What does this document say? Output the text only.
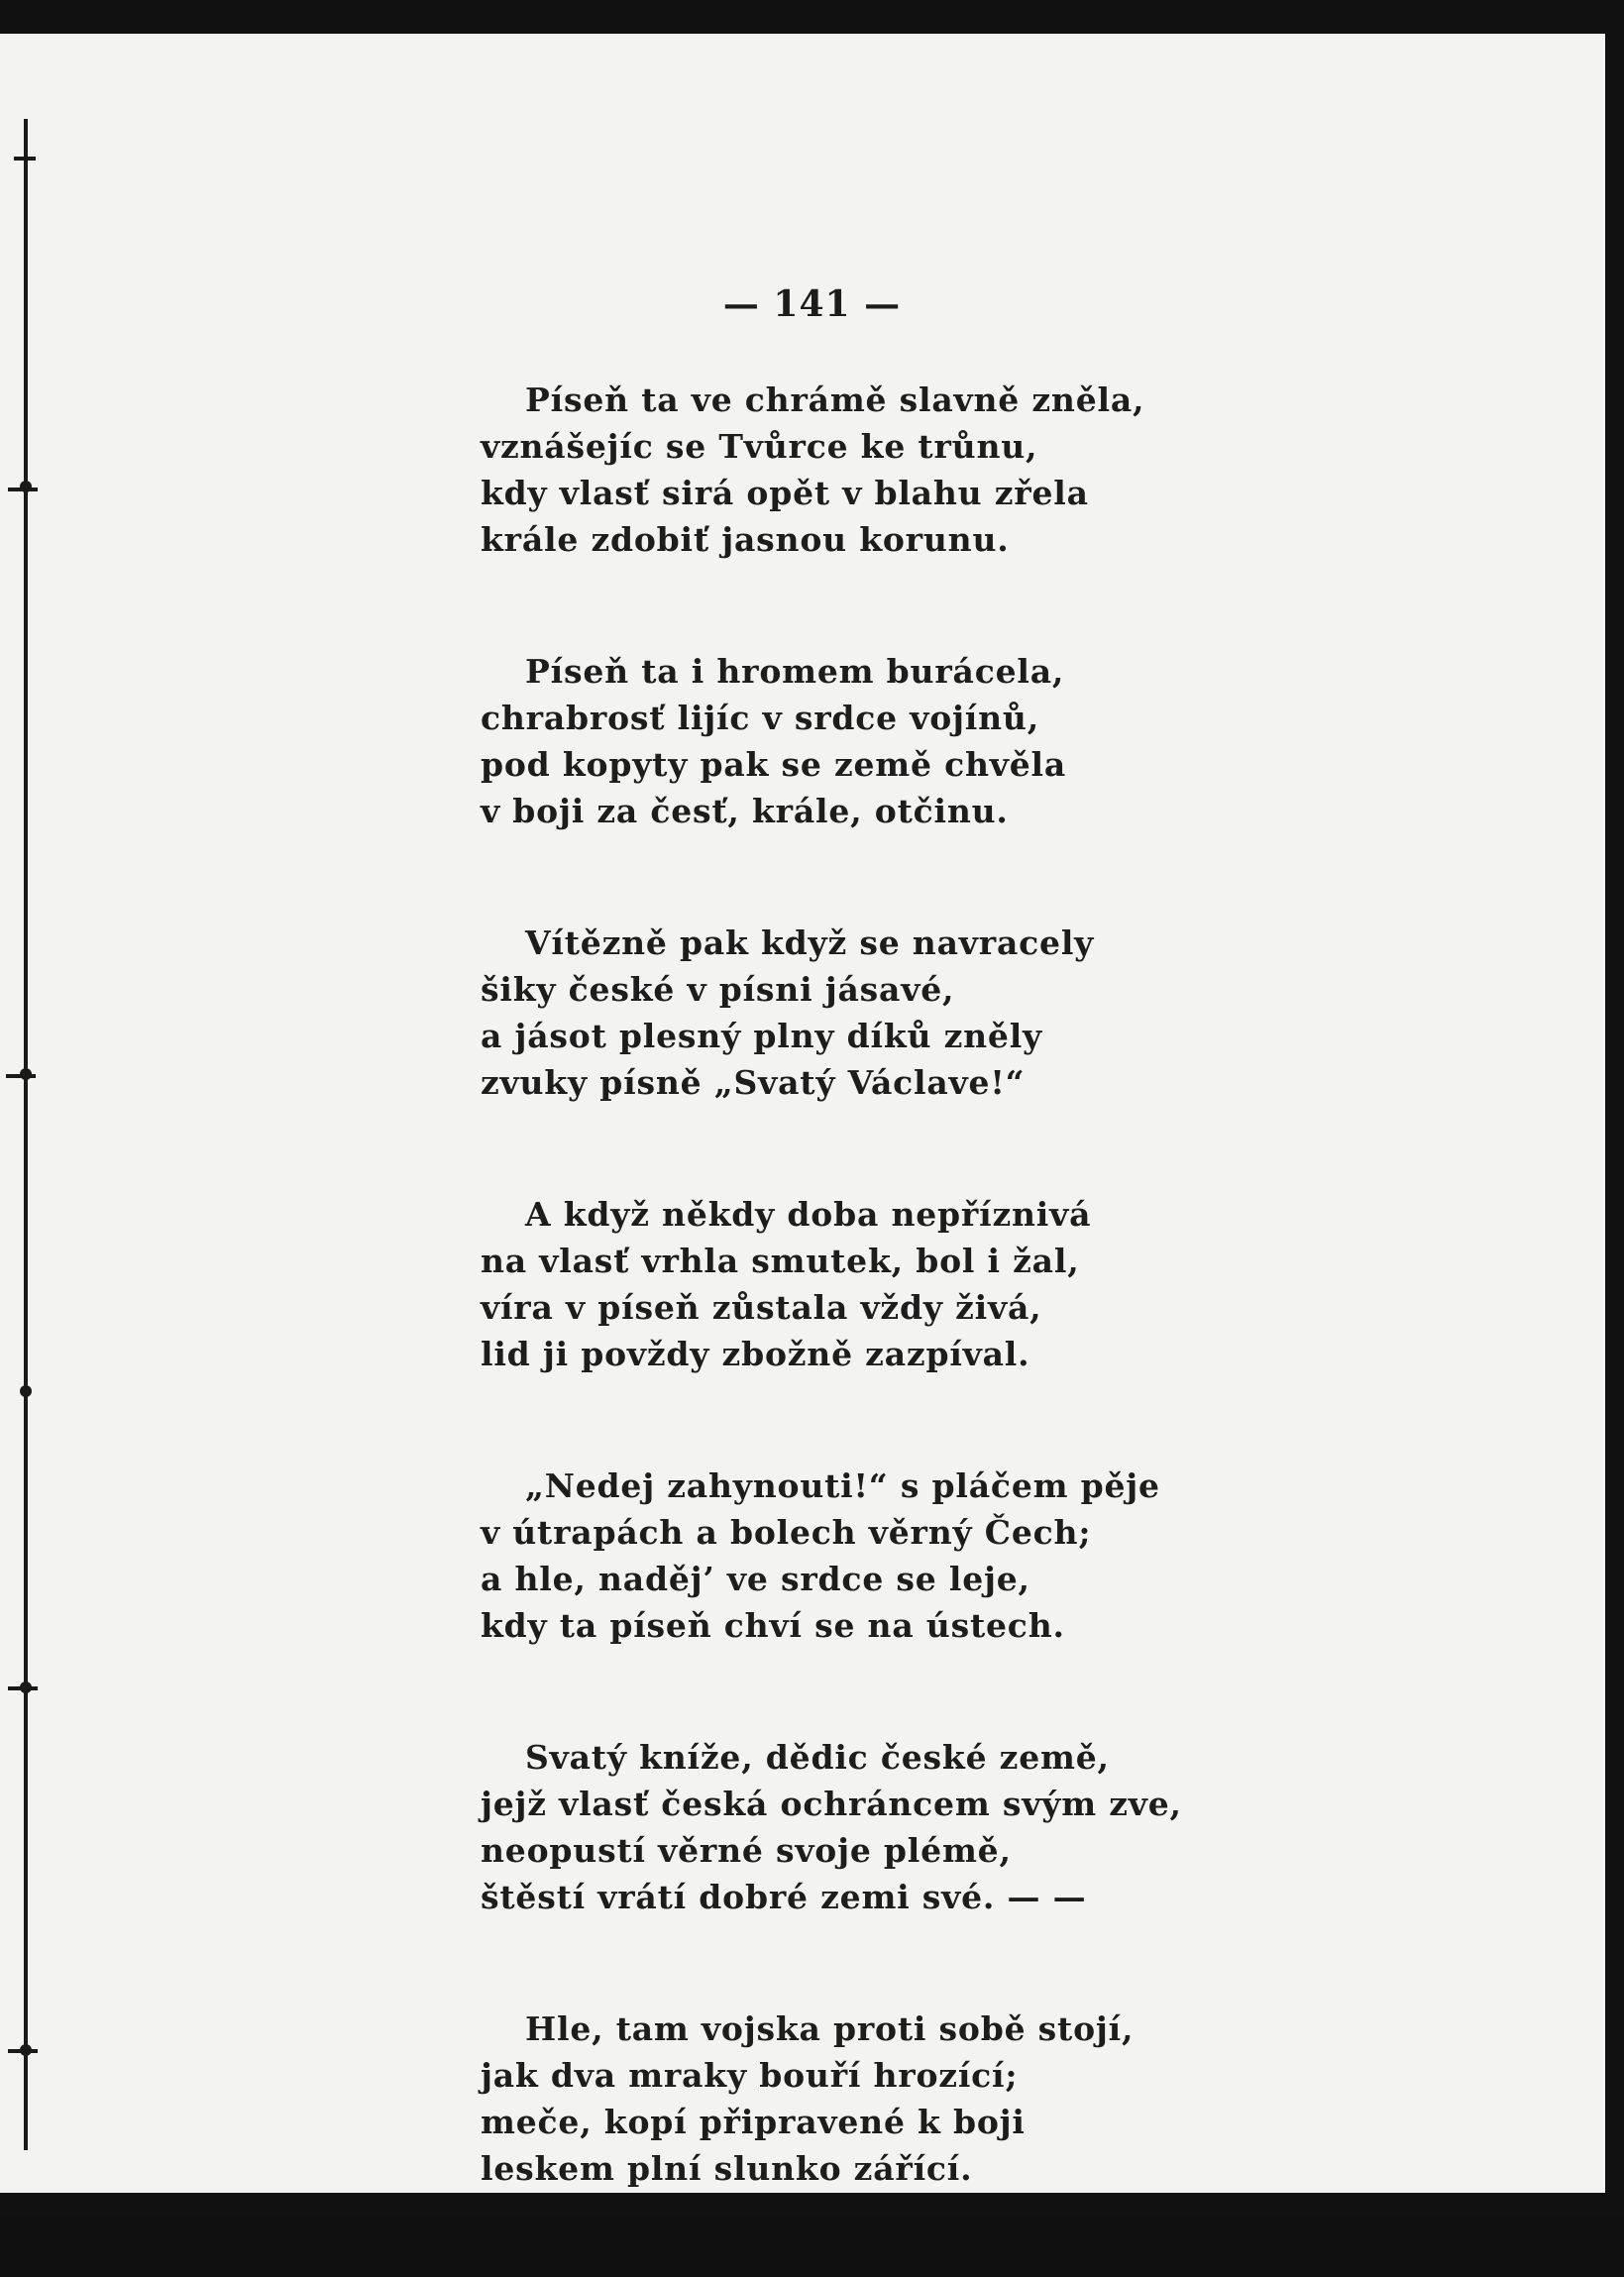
— 141 —
Píseň ta ve chrámě slavně zněla,
vznášejíc se Tvůrce ke trůnu,
kdy vlasť sirá opět v blahu zřela
krále zdobiť jasnou korunu.
Píseň ta i hromem burácela,
chrabrosť lijíc v srdce vojínů,
pod kopyty pak se země chvěla
v boji za česť, krále, otčinu.
Vítězně pak když se navracely
šiky české v písni jásavé,
a jásot plesný plny díků zněly
zvuky písně „Svatý Václave!“
A když někdy doba nepříznivá
na vlasť vrhla smutek, bol i žal,
víra v píseň zůstala vždy živá,
lid ji povždy zbožně zazpíval.
„Nedej zahynouti!“ s pláčem pěje
v útrapách a bolech věrný Čech;
a hle, naděj’ ve srdce se leje,
kdy ta píseň chví se na ústech.
Svatý kníže, dědic české země,
jejž vlasť česká ochráncem svým zve,
neopustí věrné svoje plémě,
štěstí vrátí dobré zemi své. — —
Hle, tam vojska proti sobě stojí,
jak dva mraky bouří hrozící;
meče, kopí připravené k boji
leskem plní slunko zářící.
